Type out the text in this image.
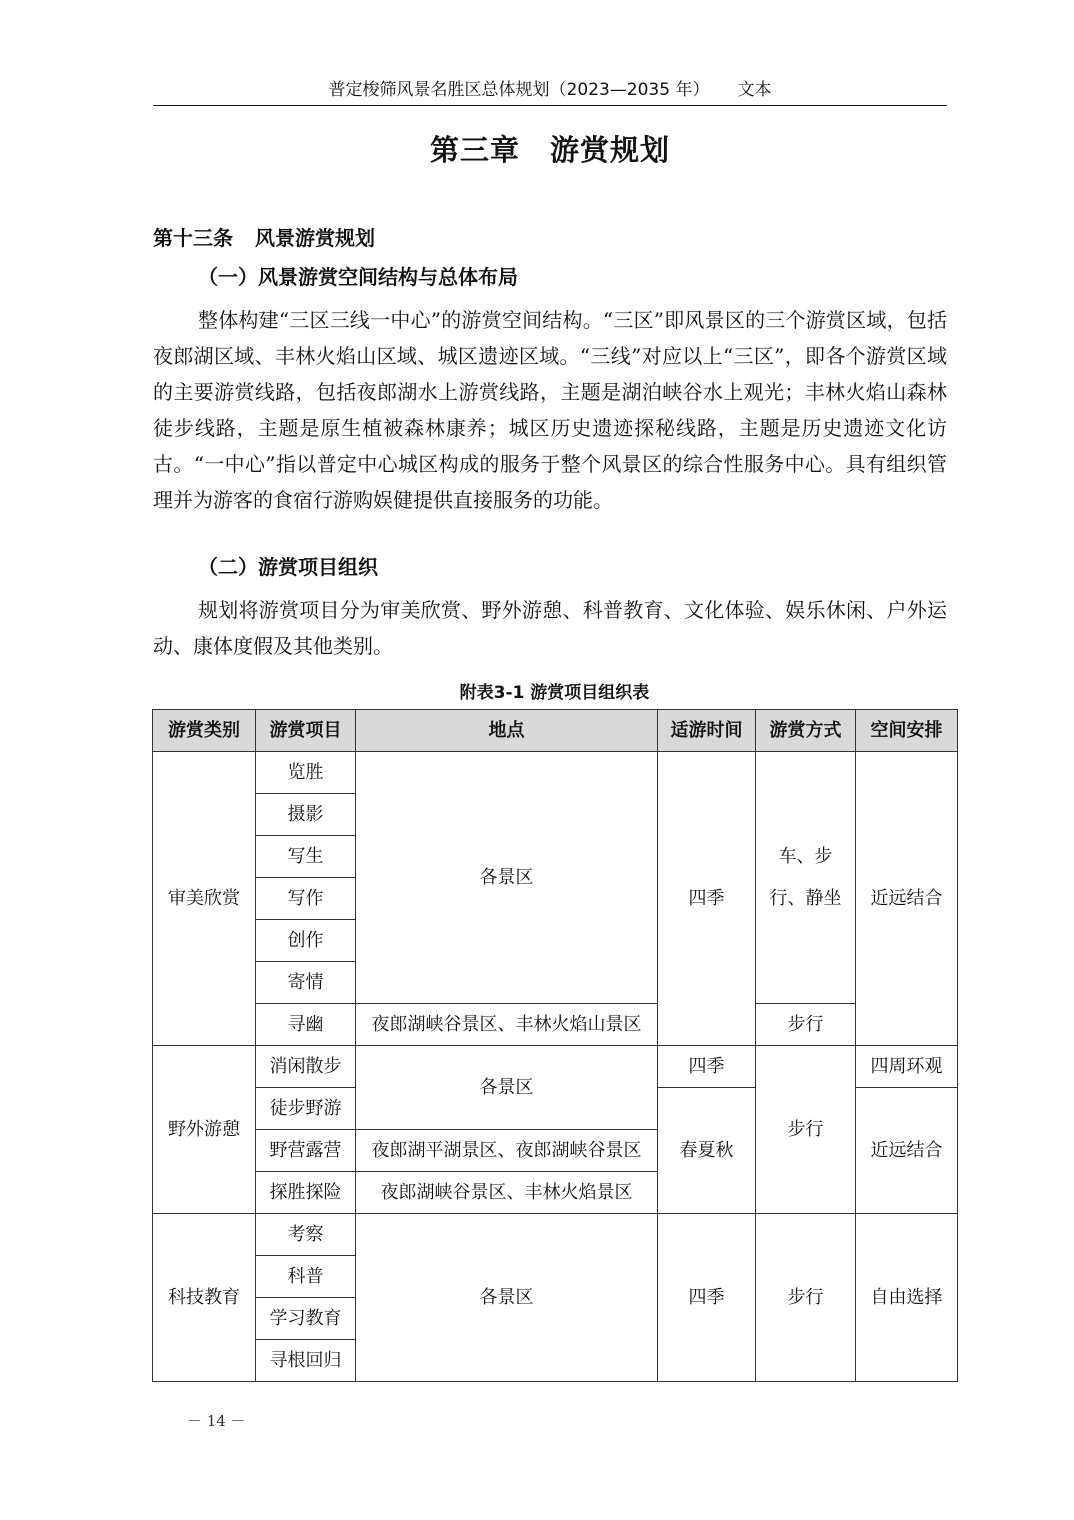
普定梭筛风景名胜区总体规划（2023—2035 年） 文本
第三章 游赏规划
第十三条 风景游赏规划
（一）风景游赏空间结构与总体布局

整体构建“三区三线一中心”的游赏空间结构。“三区”即风景区的三个游赏区域，包括夜郎湖区域、丰林火焰山区域、城区遗迹区域。“三线”对应以上“三区”，即各个游赏区域的主要游赏线路，包括夜郎湖水上游赏线路，主题是湖泊峡谷水上观光；丰林火焰山森林徒步线路，主题是原生植被森林康养；城区历史遗迹探秘线路，主题是历史遗迹文化访古。“一中心”指以普定中心城区构成的服务于整个风景区的综合性服务中心。具有组织管理并为游客的食宿行游购娱健提供直接服务的功能。

（二）游赏项目组织

规划将游赏项目分为审美欣赏、野外游憩、科普教育、文化体验、娱乐休闲、户外运动、康体度假及其他类别。

附表3-1 游赏项目组织表
游赏类别	游赏项目	地点	适游时间	游赏方式	空间安排
审美欣赏	览胜	各景区	四季	车、步行、静坐	近远结合
	摄影				
	写生				
	写作				
	创作				
	寄情				
	寻幽	夜郎湖峡谷景区、丰林火焰山景区		步行	
野外游憩	消闲散步	各景区	四季	步行	四周环观
	徒步野游		春夏秋		近远结合
	野营露营	夜郎湖平湖景区、夜郎湖峡谷景区			
	探胜探险	夜郎湖峡谷景区、丰林火焰景区			
科技教育	考察	各景区	四季	步行	自由选择
	科普				
	学习教育				
	寻根回归				
－ 14 －
